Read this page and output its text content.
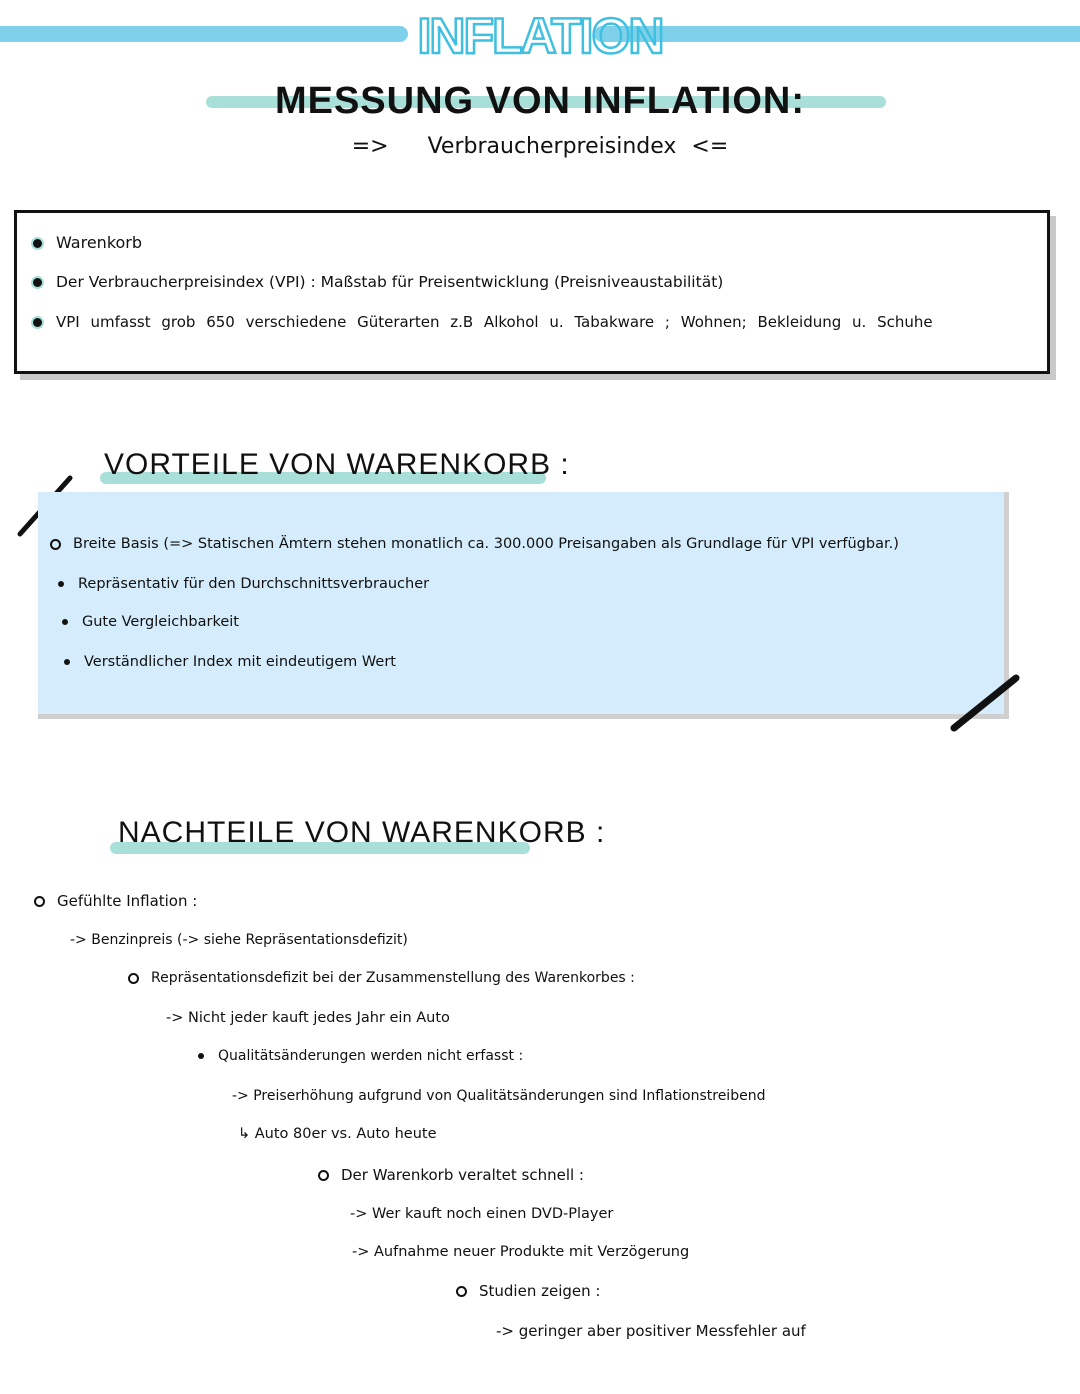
INFLATION
MESSUNG VON INFLATION:
=> Verbraucherpreisindex <=
Warenkorb
Der Verbraucherpreisindex (VPI) : Maßstab für Preisentwicklung (Preisniveaustabilität)
VPI umfasst grob 650 verschiedene Güterarten z.B Alkohol u. Tabakware ; Wohnen; Bekleidung u. Schuhe
VORTEILE VON WARENKORB :
Breite Basis (=> Statischen Ämtern stehen monatlich ca. 300.000 Preisangaben als Grundlage für VPI verfügbar.)
Repräsentativ für den Durchschnittsverbraucher
Gute Vergleichbarkeit
Verständlicher Index mit eindeutigem Wert
NACHTEILE VON WARENKORB :
Gefühlte Inflation :
-> Benzinpreis (-> siehe Repräsentationsdefizit)
Repräsentationsdefizit bei der Zusammenstellung des Warenkorbes :
-> Nicht jeder kauft jedes Jahr ein Auto
Qualitätsänderungen werden nicht erfasst :
-> Preiserhöhung aufgrund von Qualitätsänderungen sind Inflationstreibend
↳ Auto 80er vs. Auto heute
Der Warenkorb veraltet schnell :
-> Wer kauft noch einen DVD-Player
-> Aufnahme neuer Produkte mit Verzögerung
Studien zeigen :
-> geringer aber positiver Messfehler auf
